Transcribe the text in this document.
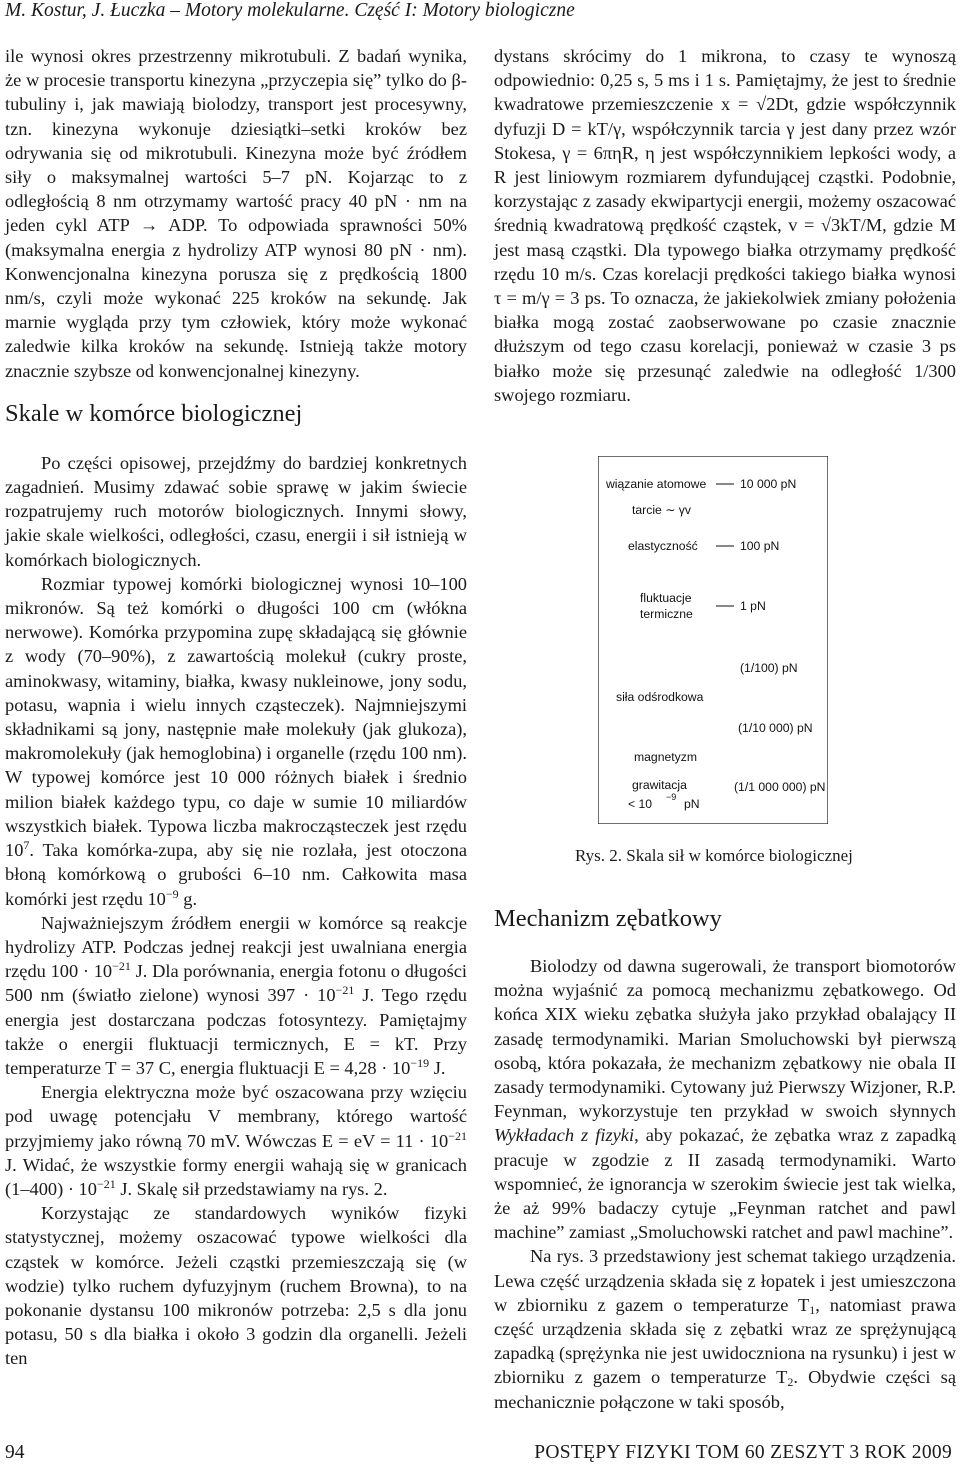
M. Kostur, J. Łuczka – Motory molekularne. Część I: Motory biologiczne

ile wynosi okres przestrzenny mikrotubuli. Z badań wynika, że w procesie transportu kinezyna „przyczepia się” tylko do β-tubuliny i, jak mawiają biolodzy, transport jest procesywny, tzn. kinezyna wykonuje dziesiątki–setki kroków bez odrywania się od mikrotubuli. Kinezyna może być źródłem siły o maksymalnej wartości 5–7 pN. Kojarząc to z odległością 8 nm otrzymamy wartość pracy 40 pN · nm na jeden cykl ATP → ADP. To odpowiada sprawności 50% (maksymalna energia z hydrolizy ATP wynosi 80 pN · nm). Konwencjonalna kinezyna porusza się z prędkością 1800 nm/s, czyli może wykonać 225 kroków na sekundę. Jak marnie wygląda przy tym człowiek, który może wykonać zaledwie kilka kroków na sekundę. Istnieją także motory znacznie szybsze od konwencjonalnej kinezyny.

Skale w komórce biologicznej

Po części opisowej, przejdźmy do bardziej konkretnych zagadnień. Musimy zdawać sobie sprawę w jakim świecie rozpatrujemy ruch motorów biologicznych. Innymi słowy, jakie skale wielkości, odległości, czasu, energii i sił istnieją w komórkach biologicznych.

Rozmiar typowej komórki biologicznej wynosi 10–100 mikronów. Są też komórki o długości 100 cm (włókna nerwowe). Komórka przypomina zupę składającą się głównie z wody (70–90%), z zawartością molekuł (cukry proste, aminokwasy, witaminy, białka, kwasy nukleinowe, jony sodu, potasu, wapnia i wielu innych cząsteczek). Najmniejszymi składnikami są jony, następnie małe molekuły (jak glukoza), makromolekuły (jak hemoglobina) i organelle (rzędu 100 nm). W typowej komórce jest 10 000 różnych białek i średnio milion białek każdego typu, co daje w sumie 10 miliardów wszystkich białek. Typowa liczba makrocząsteczek jest rzędu $10^7$. Taka komórka-zupa, aby się nie rozlała, jest otoczona błoną komórkową o grubości 6–10 nm. Całkowita masa komórki jest rzędu $10^{-9}$ g.

Najważniejszym źródłem energii w komórce są reakcje hydrolizy ATP. Podczas jednej reakcji jest uwalniana energia rzędu $100 \cdot 10^{-21}$ J. Dla porównania, energia fotonu o długości 500 nm (światło zielone) wynosi $397 \cdot 10^{-21}$ J. Tego rzędu energia jest dostarczana podczas fotosyntezy. Pamiętajmy także o energii fluktuacji termicznych, E = kT. Przy temperaturze T = 37 C, energia fluktuacji $E = 4,28 \cdot 10^{-19}$ J.

Energia elektryczna może być oszacowana przy wzięciu pod uwagę potencjału V membrany, którego wartość przyjmiemy jako równą 70 mV. Wówczas E = eV = $11 \cdot 10^{-21}$ J. Widać, że wszystkie formy energii wahają się w granicach $(1-400) \cdot 10^{-21}$ J. Skalę sił przedstawiamy na rys. 2.

Korzystając ze standardowych wyników fizyki statystycznej, możemy oszacować typowe wielkości dla cząstek w komórce. Jeżeli cząstki przemieszczają się (w wodzie) tylko ruchem dyfuzyjnym (ruchem Browna), to na pokonanie dystansu 100 mikronów potrzeba: 2,5 s dla jonu potasu, 50 s dla białka i około 3 godzin dla organelli. Jeżeli ten

dystans skrócimy do 1 mikrona, to czasy te wynoszą odpowiednio: 0,25 s, 5 ms i 1 s. Pamiętajmy, że jest to średnie kwadratowe przemieszczenie x = √2Dt, gdzie współczynnik dyfuzji D = kT/γ, współczynnik tarcia γ jest dany przez wzór Stokesa, γ = 6πηR, η jest współczynnikiem lepkości wody, a R jest liniowym rozmiarem dyfundującej cząstki. Podobnie, korzystając z zasady ekwipartycji energii, możemy oszacować średnią kwadratową prędkość cząstek, v = √3kT/M, gdzie M jest masą cząstki. Dla typowego białka otrzymamy prędkość rzędu 10 m/s. Czas korelacji prędkości takiego białka wynosi τ = m/γ = 3 ps. To oznacza, że jakiekolwiek zmiany położenia białka mogą zostać zaobserwowane po czasie znacznie dłuższym od tego czasu korelacji, ponieważ w czasie 3 ps białko może się przesunąć zaledwie na odległość 1/300 swojego rozmiaru.

wiązanie atomowe	10 000 pN
tarcie ∼ γv
elastyczność	100 pN
fluktuacje
termiczne
1 pN
(1/100) pN
siła odśrodkowa
(1/10 000) pN
magnetyzm
grawitacja	(1/1 000 000) pN
< 10 −9 pN
Rys. 2. Skala sił w komórce biologicznej
Mechanizm zębatkowy

Biolodzy od dawna sugerowali, że transport biomotorów można wyjaśnić za pomocą mechanizmu zębatkowego. Od końca XIX wieku zębatka służyła jako przykład obalający II zasadę termodynamiki. Marian Smoluchowski był pierwszą osobą, która pokazała, że mechanizm zębatkowy nie obala II zasady termodynamiki. Cytowany już Pierwszy Wizjoner, R.P. Feynman, wykorzystuje ten przykład w swoich słynnych Wykładach z fizyki, aby pokazać, że zębatka wraz z zapadką pracuje w zgodzie z II zasadą termodynamiki. Warto wspomnieć, że ignorancja w szerokim świecie jest tak wielka, że aż 99% badaczy cytuje „Feynman ratchet and pawl machine” zamiast „Smoluchowski ratchet and pawl machine”.

Na rys. 3 przedstawiony jest schemat takiego urządzenia. Lewa część urządzenia składa się z łopatek i jest umieszczona w zbiorniku z gazem o temperaturze $T_1$, natomiast prawa część urządzenia składa się z zębatki wraz ze sprężynującą zapadką (sprężynka nie jest uwidoczniona na rysunku) i jest w zbiorniku z gazem o temperaturze $T_2$. Obydwie części są mechanicznie połączone w taki sposób,

94	POSTĘPY FIZYKI TOM 60 ZESZYT 3 ROK 2009
